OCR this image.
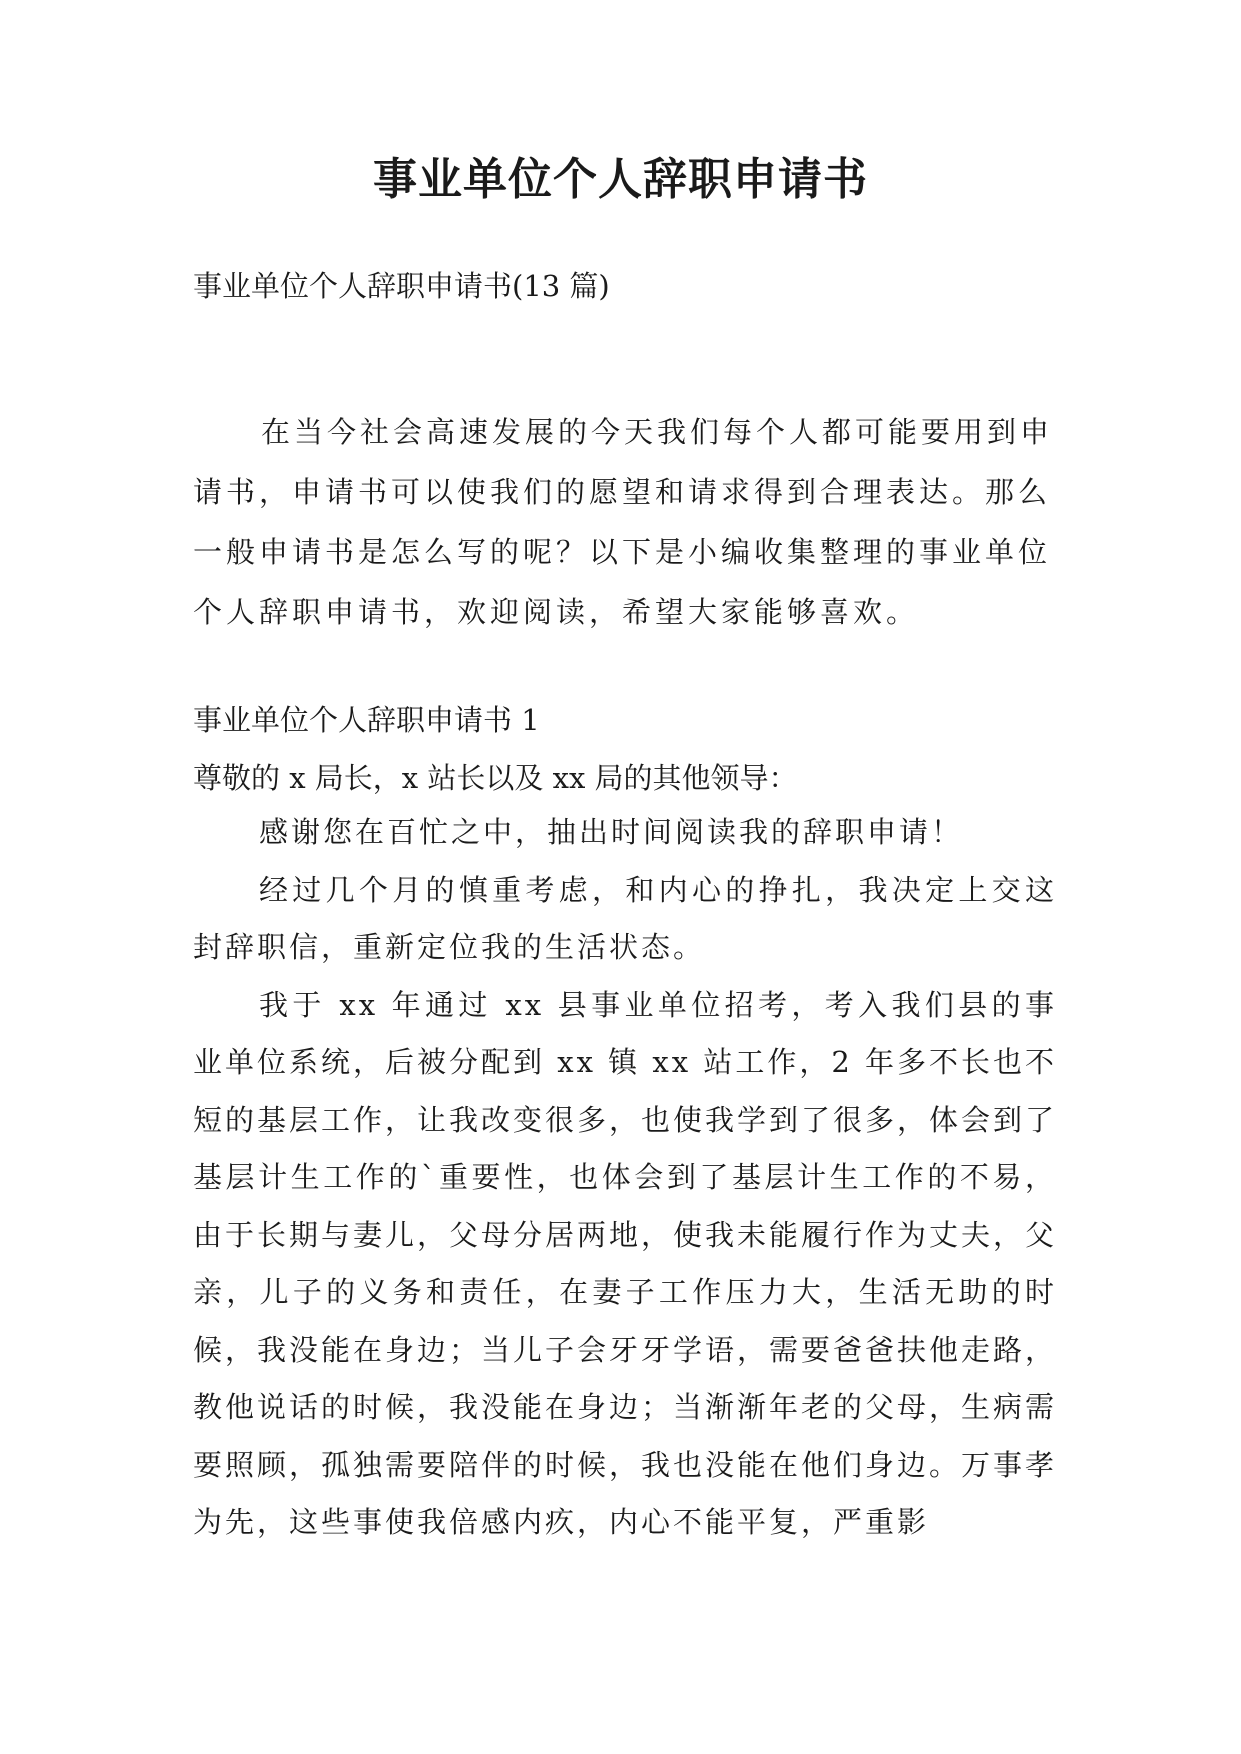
事业单位个人辞职申请书

事业单位个人辞职申请书(13 篇)

在当今社会高速发展的今天我们每个人都可能要用到申请书，申请书可以使我们的愿望和请求得到合理表达。那么一般申请书是怎么写的呢？以下是小编收集整理的事业单位个人辞职申请书，欢迎阅读，希望大家能够喜欢。

事业单位个人辞职申请书 1

尊敬的 x 局长，x 站长以及 xx 局的其他领导：

感谢您在百忙之中，抽出时间阅读我的辞职申请！

经过几个月的慎重考虑，和内心的挣扎，我决定上交这封辞职信，重新定位我的生活状态。

我于 xx 年通过 xx 县事业单位招考，考入我们县的事业单位系统，后被分配到 xx 镇 xx 站工作，2 年多不长也不短的基层工作，让我改变很多，也使我学到了很多，体会到了基层计生工作的`重要性，也体会到了基层计生工作的不易，由于长期与妻儿，父母分居两地，使我未能履行作为丈夫，父亲，儿子的义务和责任，在妻子工作压力大，生活无助的时候，我没能在身边；当儿子会牙牙学语，需要爸爸扶他走路，教他说话的时候，我没能在身边；当渐渐年老的父母，生病需要照顾，孤独需要陪伴的时候，我也没能在他们身边。万事孝为先，这些事使我倍感内疚，内心不能平复，严重影
